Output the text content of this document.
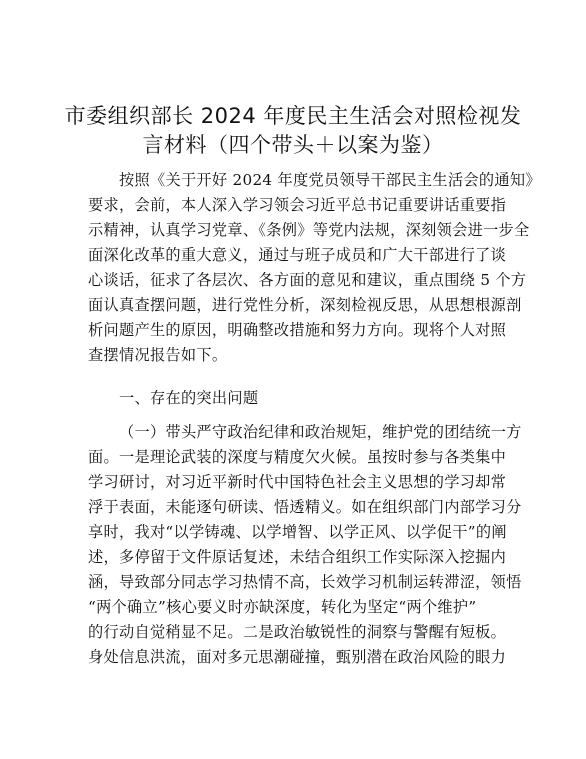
市委组织部长 2024 年度民主生活会对照检视发
言材料（四个带头＋以案为鉴）
按照《关于开好 2024 年度党员领导干部民主生活会的通知》
要求，会前，本人深入学习领会习近平总书记重要讲话重要指
示精神，认真学习党章、《条例》等党内法规，深刻领会进一步全
面深化改革的重大意义，通过与班子成员和广大干部进行了谈
心谈话，征求了各层次、各方面的意见和建议，重点围绕 5 个方
面认真查摆问题，进行党性分析，深刻检视反思，从思想根源剖
析问题产生的原因，明确整改措施和努力方向。现将个人对照
查摆情况报告如下。
一、存在的突出问题
（一）带头严守政治纪律和政治规矩，维护党的团结统一方
面。一是理论武装的深度与精度欠火候。虽按时参与各类集中
学习研讨，对习近平新时代中国特色社会主义思想的学习却常
浮于表面，未能逐句研读、悟透精义。如在组织部门内部学习分
享时，我对“以学铸魂、以学增智、以学正风、以学促干”的阐
述，多停留于文件原话复述，未结合组织工作实际深入挖掘内
涵，导致部分同志学习热情不高，长效学习机制运转滞涩，领悟
“两个确立”核心要义时亦缺深度，转化为坚定“两个维护”
的行动自觉稍显不足。二是政治敏锐性的洞察与警醒有短板。
身处信息洪流，面对多元思潮碰撞，甄别潜在政治风险的眼力
